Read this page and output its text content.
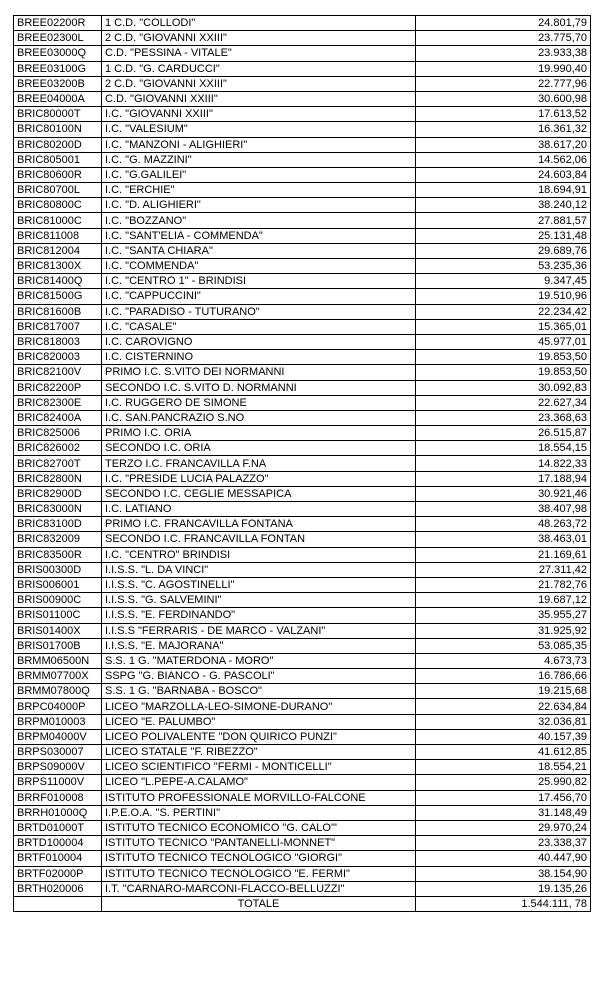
BREE02200R	1 C.D. "COLLODI"	24.801,79
BREE02300L	2 C.D. "GIOVANNI XXIII"	23.775,70
BREE03000Q	C.D. "PESSINA - VITALE"	23.933,38
BREE03100G	1 C.D. "G. CARDUCCI"	19.990,40
BREE03200B	2 C.D. "GIOVANNI XXIII"	22.777,96
BREE04000A	C.D. "GIOVANNI XXIII"	30.600,98
BRIC80000T	I.C. "GIOVANNI XXIII"	17.613,52
BRIC80100N	I.C. "VALESIUM"	16.361,32
BRIC80200D	I.C. "MANZONI - ALIGHIERI"	38.617,20
BRIC805001	I.C. "G. MAZZINI"	14.562,06
BRIC80600R	I.C. "G.GALILEI"	24.603,84
BRIC80700L	I.C. "ERCHIE"	18.694,91
BRIC80800C	I.C. "D. ALIGHIERI"	38.240,12
BRIC81000C	I.C. "BOZZANO"	27.881,57
BRIC811008	I.C. "SANT'ELIA - COMMENDA"	25.131,48
BRIC812004	I.C. "SANTA CHIARA"	29.689,76
BRIC81300X	I.C. "COMMENDA"	53.235,36
BRIC81400Q	I.C. "CENTRO 1" - BRINDISI	9.347,45
BRIC81500G	I.C. "CAPPUCCINI"	19.510,96
BRIC81600B	I.C. "PARADISO - TUTURANO"	22.234,42
BRIC817007	I.C. "CASALE"	15.365,01
BRIC818003	I.C. CAROVIGNO	45.977,01
BRIC820003	I.C. CISTERNINO	19.853,50
BRIC82100V	PRIMO I.C. S.VITO DEI NORMANNI	19.853,50
BRIC82200P	SECONDO I.C. S.VITO D. NORMANNI	30.092,83
BRIC82300E	I.C. RUGGERO DE SIMONE	22.627,34
BRIC82400A	I.C. SAN.PANCRAZIO S.NO	23.368,63
BRIC825006	PRIMO I.C. ORIA	26.515,87
BRIC826002	SECONDO I.C. ORIA	18.554,15
BRIC82700T	TERZO I.C. FRANCAVILLA F.NA	14.822,33
BRIC82800N	I.C. "PRESIDE LUCIA PALAZZO"	17.188,94
BRIC82900D	SECONDO I.C. CEGLIE MESSAPICA	30.921,46
BRIC83000N	I.C. LATIANO	38.407,98
BRIC83100D	PRIMO I.C. FRANCAVILLA FONTANA	48.263,72
BRIC832009	SECONDO I.C. FRANCAVILLA FONTAN	38.463,01
BRIC83500R	I.C. "CENTRO" BRINDISI	21.169,61
BRIS00300D	I.I.S.S. "L. DA VINCI"	27.311,42
BRIS006001	I.I.S.S. "C. AGOSTINELLI"	21.782,76
BRIS00900C	I.I.S.S. "G. SALVEMINI"	19.687,12
BRIS01100C	I.I.S.S. "E. FERDINANDO"	35.955,27
BRIS01400X	I.I.S.S "FERRARIS - DE MARCO - VALZANI"	31.925,92
BRIS01700B	I.I.S.S. "E. MAJORANA"	53.085,35
BRMM06500N	S.S. 1 G. "MATERDONA - MORO"	4.673,73
BRMM07700X	SSPG "G. BIANCO - G. PASCOLI"	16.786,66
BRMM07800Q	S.S. 1 G. "BARNABA - BOSCO"	19.215,68
BRPC04000P	LICEO "MARZOLLA-LEO-SIMONE-DURANO"	22.634,84
BRPM010003	LICEO "E. PALUMBO"	32.036,81
BRPM04000V	LICEO POLIVALENTE "DON QUIRICO PUNZI"	40.157,39
BRPS030007	LICEO STATALE "F. RIBEZZO"	41.612,85
BRPS09000V	LICEO SCIENTIFICO "FERMI - MONTICELLI"	18.554,21
BRPS11000V	LICEO "L.PEPE-A.CALAMO"	25.990,82
BRRF010008	ISTITUTO PROFESSIONALE MORVILLO-FALCONE	17.456,70
BRRH01000Q	I.P.E.O.A. "S. PERTINI"	31.148,49
BRTD01000T	ISTITUTO TECNICO ECONOMICO "G. CALO'"	29.970,24
BRTD100004	ISTITUTO TECNICO "PANTANELLI-MONNET"	23.338,37
BRTF010004	ISTITUTO TECNICO TECNOLOGICO "GIORGI"	40.447,90
BRTF02000P	ISTITUTO TECNICO TECNOLOGICO "E. FERMI"	38.154,90
BRTH020006	I.T. "CARNARO-MARCONI-FLACCO-BELLUZZI"	19.135,26
	TOTALE	1.544.111, 78
